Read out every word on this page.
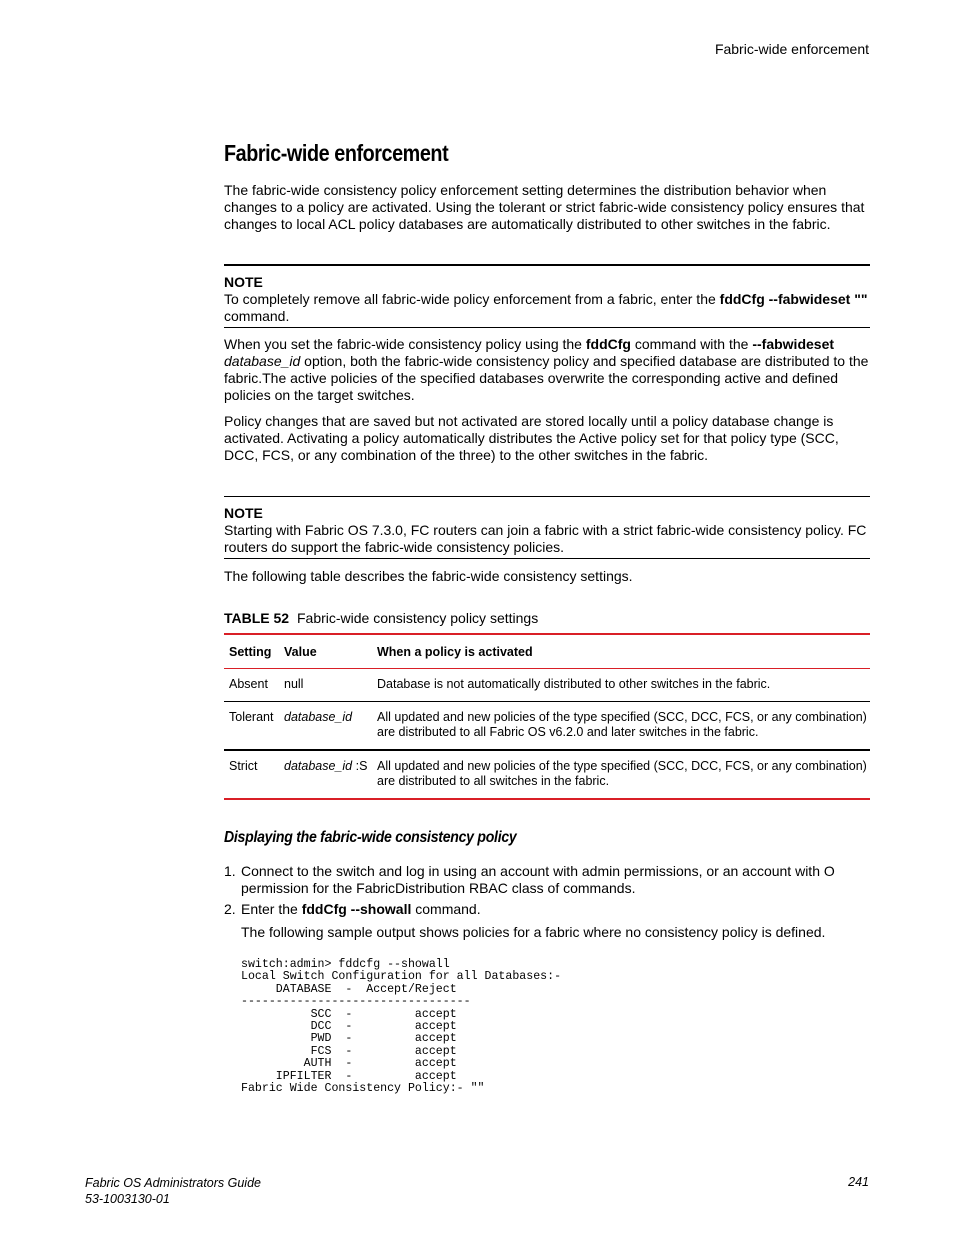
Fabric-wide enforcement
Fabric-wide enforcement

The fabric-wide consistency policy enforcement setting determines the distribution behavior when changes to a policy are activated. Using the tolerant or strict fabric-wide consistency policy ensures that changes to local ACL policy databases are automatically distributed to other switches in the fabric.

NOTE

To completely remove all fabric-wide policy enforcement from a fabric, enter the fddCfg --fabwideset "" command.

When you set the fabric-wide consistency policy using the fddCfg command with the --fabwideset
database_id option, both the fabric-wide consistency policy and specified database are distributed to the fabric.The active policies of the specified databases overwrite the corresponding active and defined policies on the target switches.

Policy changes that are saved but not activated are stored locally until a policy database change is activated. Activating a policy automatically distributes the Active policy set for that policy type (SCC, DCC, FCS, or any combination of the three) to the other switches in the fabric.

NOTE

Starting with Fabric OS 7.3.0, FC routers can join a fabric with a strict fabric-wide consistency policy. FC routers do support the fabric-wide consistency policies.

The following table describes the fabric-wide consistency settings.

TABLE 52 Fabric-wide consistency policy settings
Setting	Value	When a policy is activated
Absent	null	Database is not automatically distributed to other switches in the fabric.
Tolerant	database_id	All updated and new policies of the type specified (SCC, DCC, FCS, or any combination) are distributed to all Fabric OS v6.2.0 and later switches in the fabric.
Strict	database_id :S	All updated and new policies of the type specified (SCC, DCC, FCS, or any combination) are distributed to all switches in the fabric.
Displaying the fabric-wide consistency policy
1. Connect to the switch and log in using an account with admin permissions, or an account with O permission for the FabricDistribution RBAC class of commands.
2. Enter the fddCfg --showall command.

The following sample output shows policies for a fabric where no consistency policy is defined.

switch:admin> fddcfg --showall
Local Switch Configuration for all Databases:-
DATABASE  -  Accept/Reject
---------------------------------
SCC  -         accept
DCC  -         accept
PWD  -         accept
FCS  -         accept
AUTH  -         accept
IPFILTER  -         accept
Fabric Wide Consistency Policy:- ""
Fabric OS Administrators Guide
53-1003130-01
241
